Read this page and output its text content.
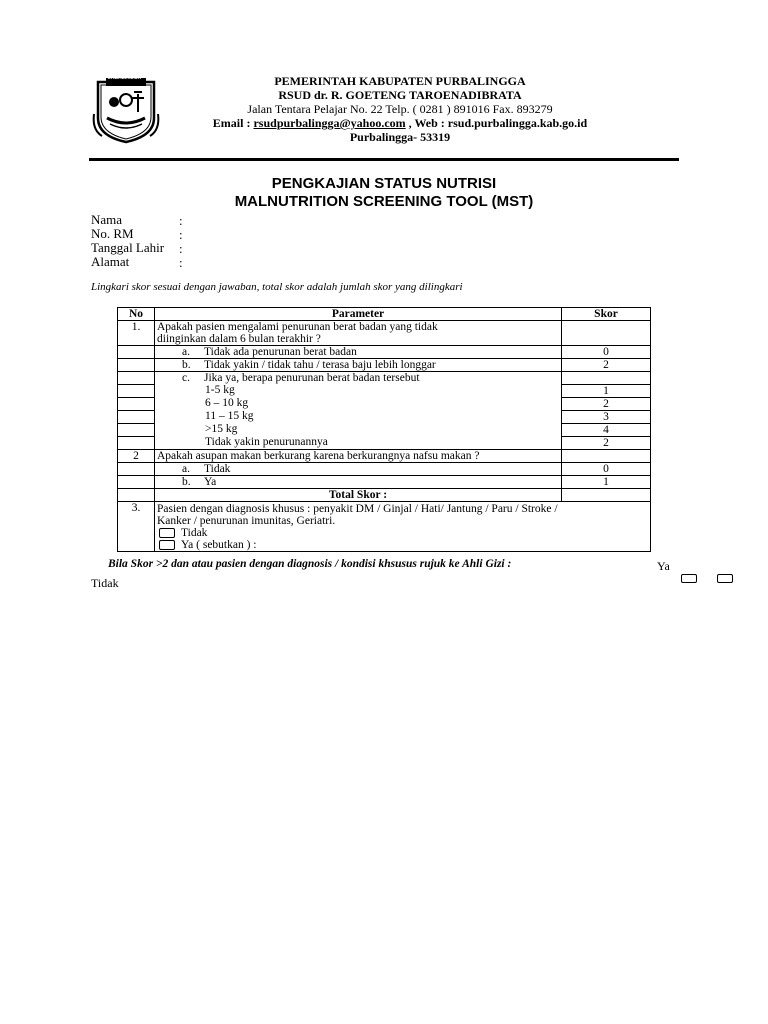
PURBALINGGA	PEMERINTAH KABUPATEN PURBALINGGA
RSUD dr. R. GOETENG TAROENADIBRATA
Jalan Tentara Pelajar No. 22 Telp. ( 0281 ) 891016 Fax. 893279
Email : rsudpurbalingga@yahoo.com , Web : rsud.purbalingga.kab.go.id
Purbalingga- 53319
PENGKAJIAN STATUS NUTRISI
MALNUTRITION SCREENING TOOL (MST)
Nama	:
No. RM	:
Tanggal Lahir :
Alamat	:
Lingkari skor sesuai dengan jawaban, total skor adalah jumlah skor yang dilingkari
No	Parameter	Skor
1.	Apakah pasien mengalami penurunan berat badan yang tidak
diinginkan dalam 6 bulan terakhir ?	

	a. Tidak ada penurunan berat badan	0
	b. Tidak yakin / tidak tahu / terasa baju lebih longgar	2
	c. Jika ya, berapa penurunan berat badan tersebut	
	1-5 kg	1
	6 – 10 kg	2
	11 – 15 kg	3
	>15 kg	4
	Tidak yakin penurunannya	2
2	Apakah asupan makan berkurang karena berkurangnya nafsu makan ?	
	a. Tidak	0
	b. Ya	1
	Total Skor :	
3.	Pasien dengan diagnosis khusus : penyakit DM / Ginjal / Hati/ Jantung / Paru / Stroke /
Kanker / penurunan imunitas, Geriatri.
Tidak
Ya ( sebutkan ) :	
Bila Skor >2 dan atau pasien dengan diagnosis / kondisi khsusus rujuk ke Ahli Gizi :	Ya
Tidak
